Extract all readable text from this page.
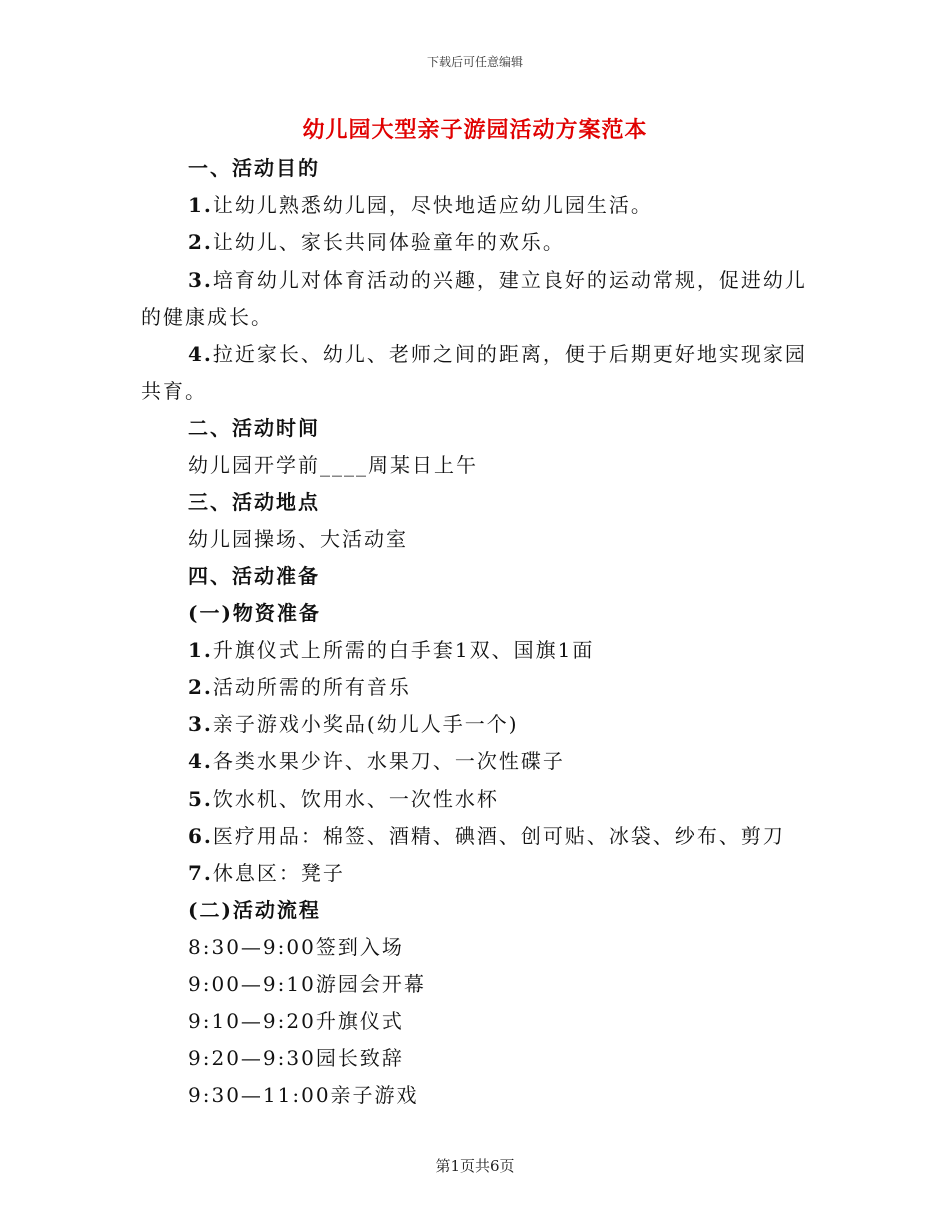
下载后可任意编辑
幼儿园大型亲子游园活动方案范本
一、活动目的
1.让幼儿熟悉幼儿园，尽快地适应幼儿园生活。
2.让幼儿、家长共同体验童年的欢乐。
3.培育幼儿对体育活动的兴趣，建立良好的运动常规，促进幼儿
的健康成长。
4.拉近家长、幼儿、老师之间的距离，便于后期更好地实现家园
共育。
二、活动时间
幼儿园开学前____周某日上午
三、活动地点
幼儿园操场、大活动室
四、活动准备
(一)物资准备
1.升旗仪式上所需的白手套1双、国旗1面
2.活动所需的所有音乐
3.亲子游戏小奖品(幼儿人手一个)
4.各类水果少许、水果刀、一次性碟子
5.饮水机、饮用水、一次性水杯
6.医疗用品：棉签、酒精、碘酒、创可贴、冰袋、纱布、剪刀
7.休息区：凳子
(二)活动流程
8:30—9:00签到入场
9:00—9:10游园会开幕
9:10—9:20升旗仪式
9:20—9:30园长致辞
9:30—11:00亲子游戏
第1页共6页
